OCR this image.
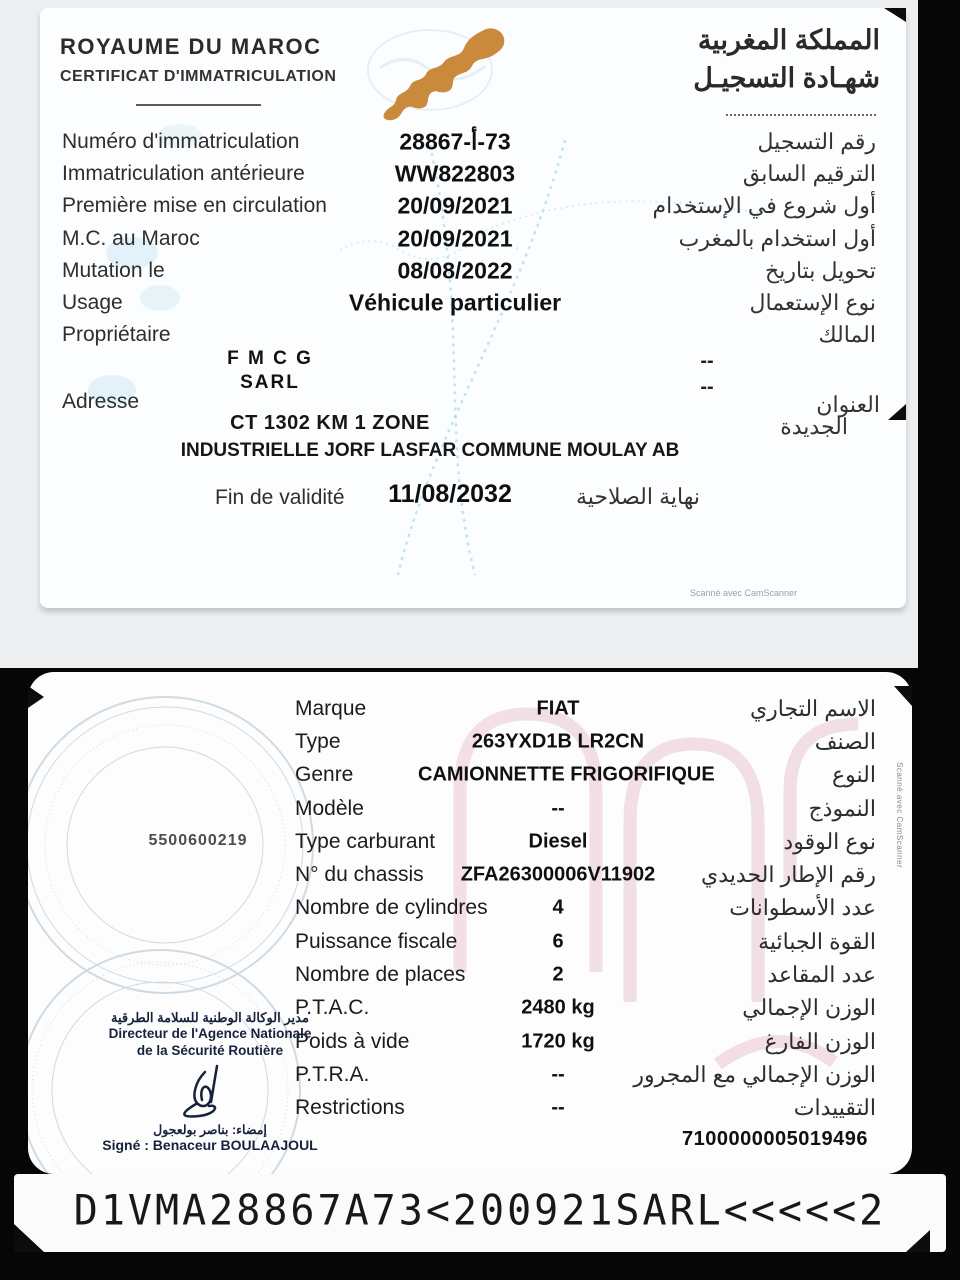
ROYAUME DU MAROC
CERTIFICAT D'IMMATRICULATION
المملكة المغربية
شهـادة التسجيـل
Numéro d'immatriculation	28867-أ‎-73	رقم التسجيل
Immatriculation antérieure	WW822803	الترقيم السابق
Première mise en circulation	20/09/2021	أول شروع في الإستخدام
M.C. au Maroc	20/09/2021	أول استخدام بالمغرب
Mutation le	08/08/2022	تحويل بتاريخ
Usage	Véhicule particulier	نوع الإستعمال
Propriétaire	المالك
F M C G	--
SARL	--
Adresse	العنوان
CT 1302 KM 1 ZONE
INDUSTRIELLE JORF LASFAR COMMUNE MOULAY AB
الجديدة
Fin de validité	11/08/2032	نهاية الصلاحية
Scanné avec CamScanner
Marque	FIAT	الاسم التجاري
Type	263YXD1B LR2CN	الصنف
Genre	CAMIONNETTE FRIGORIFIQUE	النوع
Modèle	--	النموذج
Type carburant	Diesel	نوع الوقود
N° du chassis	ZFA26300006V11902	رقم الإطار الحديدي
Nombre de cylindres	4	عدد الأسطوانات
Puissance fiscale	6	القوة الجبائية
Nombre de places	2	عدد المقاعد
P.T.A.C.	2480 kg	الوزن الإجمالي
Poids à vide	1720 kg	الوزن الفارغ
P.T.R.A.	--	الوزن الإجمالي مع المجرور
Restrictions	--	التقييدات
5500600219
7100000005019496
مدير الوكالة الوطنية للسلامة الطرقية
Directeur de l'Agence Nationale
de la Sécurité Routière
إمضاء: بناصر بولعجول
Signé : Benaceur BOULAAJOUL
Scanné avec CamScanner
D1VMA28867A73<200921SARL<<<<<2
